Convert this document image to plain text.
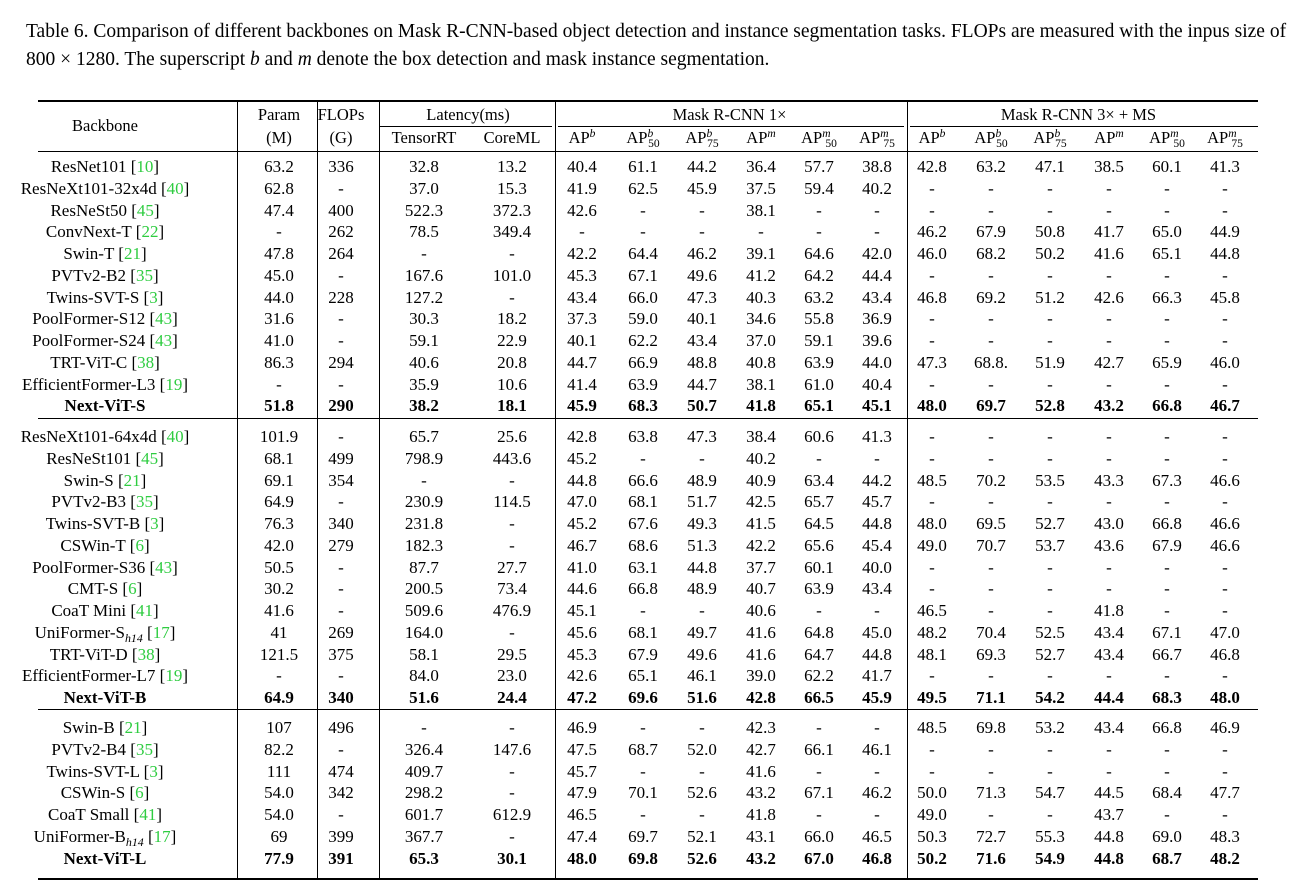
Table 6. Comparison of different backbones on Mask R-CNN-based object detection and instance segmentation tasks. FLOPs are measured with the inpus size of 800 × 1280. The superscript b and m denote the box detection and mask instance segmentation.
Backbone
Param
(M)
FLOPs
(G)
Latency(ms)
TensorRT CoreML
Mask R-CNN 1×	Mask R-CNN 3× + MS
$AP^b$ $AP^b_{50}$ $AP^b_{75}$ $AP^m$ $AP^m_{50}$ $AP^m_{75}$ $AP^b$ $AP^b_{50}$ $AP^b_{75}$ $AP^m$ $AP^m_{50}$ $AP^m_{75}$
ResNet101 [10]	63.2 336	32.8	13.2 40.4 61.1 44.2 36.4 57.7 38.8 42.8 63.2 47.1 38.5 60.1 41.3
ResNeXt101-32x4d [40]	62.8	-	37.0	15.3 41.9 62.5 45.9 37.5 59.4 40.2 -	-	-	-	-	-
ResNeSt50 [45]	47.4 400	522.3	372.3 42.6	-	- 38.1 -	-	-	-	-	-	-	-
ConvNext-T [22]	-	262	78.5	349.4	-	-	-	-	-	- 46.2 67.9 50.8 41.7 65.0 44.9
Swin-T [21]	47.8 264	-	-	42.2 64.4 46.2 39.1 64.6 42.0 46.0 68.2 50.2 41.6 65.1 44.8
PVTv2-B2 [35]	45.0	-	167.6	101.0 45.3 67.1 49.6 41.2 64.2 44.4 -	-	-	-	-	-
Twins-SVT-S [3]	44.0 228	127.2	-	43.4 66.0 47.3 40.3 63.2 43.4 46.8 69.2 51.2 42.6 66.3 45.8
PoolFormer-S12 [43]	31.6	-	30.3	18.2 37.3 59.0 40.1 34.6 55.8 36.9 -	-	-	-	-	-
PoolFormer-S24 [43]	41.0	-	59.1	22.9 40.1 62.2 43.4 37.0 59.1 39.6 -	-	-	-	-	-
TRT-ViT-C [38]	86.3 294	40.6	20.8 44.7 66.9 48.8 40.8 63.9 44.0 47.3 68.8. 51.9 42.7 65.9 46.0
EfficientFormer-L3 [19]	-	-	35.9	10.6 41.4 63.9 44.7 38.1 61.0 40.4 -	-	-	-	-	-
Next-ViT-S	51.8 290	38.2	18.1 45.9 68.3 50.7 41.8 65.1 45.1 48.0 69.7 52.8 43.2 66.8 46.7
ResNeXt101-64x4d [40]	101.9 -	65.7	25.6 42.8 63.8 47.3 38.4 60.6 41.3 -	-	-	-	-	-
ResNeSt101 [45]	68.1 499	798.9	443.6 45.2	-	- 40.2 -	-	-	-	-	-	-	-
Swin-S [21]	69.1 354	-	-	44.8 66.6 48.9 40.9 63.4 44.2 48.5 70.2 53.5 43.3 67.3 46.6
PVTv2-B3 [35]	64.9	-	230.9	114.5 47.0 68.1 51.7 42.5 65.7 45.7 -	-	-	-	-	-
Twins-SVT-B [3]	76.3 340	231.8	-	45.2 67.6 49.3 41.5 64.5 44.8 48.0 69.5 52.7 43.0 66.8 46.6
CSWin-T [6]	42.0 279	182.3	-	46.7 68.6 51.3 42.2 65.6 45.4 49.0 70.7 53.7 43.6 67.9 46.6
PoolFormer-S36 [43]	50.5	-	87.7	27.7 41.0 63.1 44.8 37.7 60.1 40.0 -	-	-	-	-	-
CMT-S [6]	30.2	-	200.5	73.4 44.6 66.8 48.9 40.7 63.9 43.4 -	-	-	-	-	-
CoaT Mini [41]	41.6	-	509.6	476.9 45.1	-	- 40.6 -	- 46.5 -	- 41.8 -	-
UniFormer-$S_{h14}$ [17]	41 269	164.0	-	45.6 68.1 49.7 41.6 64.8 45.0 48.2 70.4 52.5 43.4 67.1 47.0
TRT-ViT-D [38]	121.5 375	58.1	29.5 45.3 67.9 49.6 41.6 64.7 44.8 48.1 69.3 52.7 43.4 66.7 46.8
EfficientFormer-L7 [19]	-	-	84.0	23.0 42.6 65.1 46.1 39.0 62.2 41.7 -	-	-	-	-	-
Next-ViT-B	64.9 340	51.6	24.4 47.2 69.6 51.6 42.8 66.5 45.9 49.5 71.1 54.2 44.4 68.3 48.0
Swin-B [21]	107 496	-	-	46.9	-	- 42.3 -	- 48.5 69.8 53.2 43.4 66.8 46.9
PVTv2-B4 [35]	82.2	-	326.4	147.6 47.5 68.7 52.0 42.7 66.1 46.1 -	-	-	-	-	-
Twins-SVT-L [3]	111 474	409.7	-	45.7	-	- 41.6 -	-	-	-	-	-	-	-
CSWin-S [6]	54.0 342	298.2	-	47.9 70.1 52.6 43.2 67.1 46.2 50.0 71.3 54.7 44.5 68.4 47.7
CoaT Small [41]	54.0	-	601.7	612.9 46.5	-	- 41.8 -	- 49.0 -	- 43.7 -	-
UniFormer-$B_{h14}$ [17]	69 399	367.7	-	47.4 69.7 52.1 43.1 66.0 46.5 50.3 72.7 55.3 44.8 69.0 48.3
Next-ViT-L	77.9 391	65.3	30.1 48.0 69.8 52.6 43.2 67.0 46.8 50.2 71.6 54.9 44.8 68.7 48.2
